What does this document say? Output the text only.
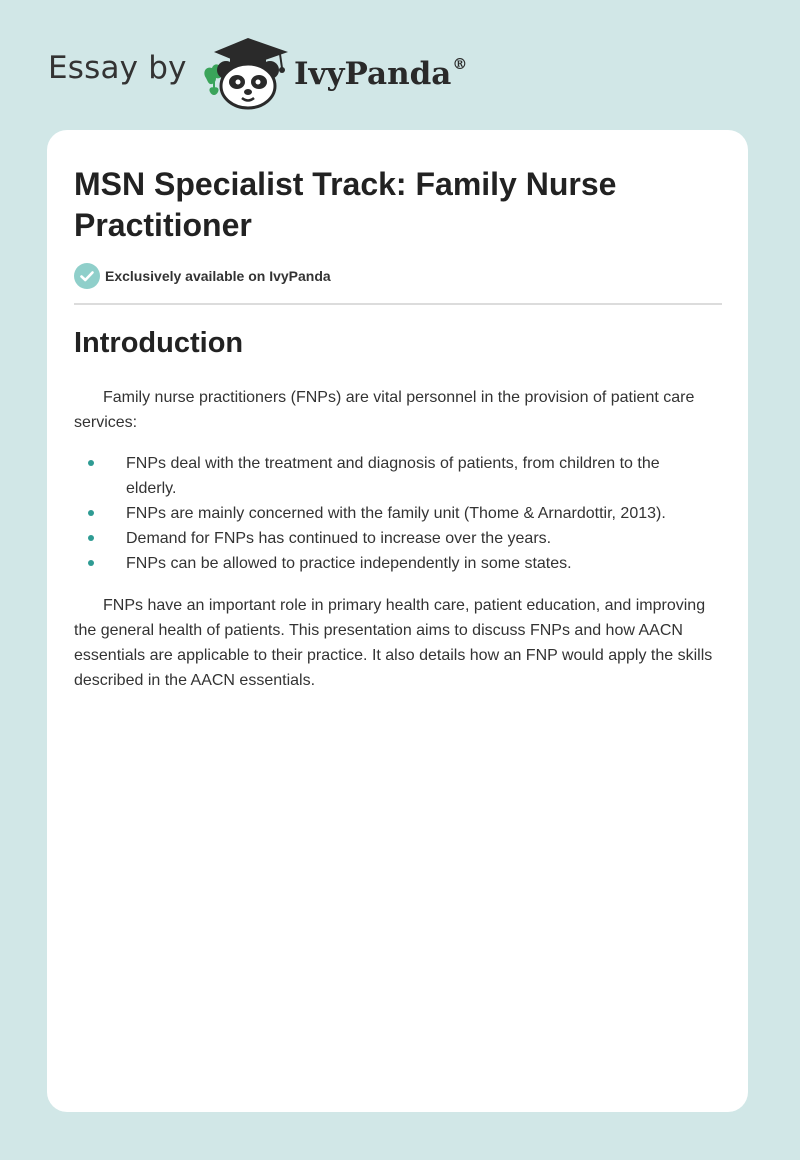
Essay by	IvyPanda®
MSN Specialist Track: Family Nurse Practitioner
Exclusively available on IvyPanda
Introduction

Family nurse practitioners (FNPs) are vital personnel in the provision of patient care services:

FNPs deal with the treatment and diagnosis of patients, from children to the elderly.
FNPs are mainly concerned with the family unit (Thome & Arnardottir, 2013).
Demand for FNPs has continued to increase over the years.
FNPs can be allowed to practice independently in some states.

FNPs have an important role in primary health care, patient education, and improving the general health of patients. This presentation aims to discuss FNPs and how AACN essentials are applicable to their practice. It also details how an FNP would apply the skills described in the AACN essentials.
